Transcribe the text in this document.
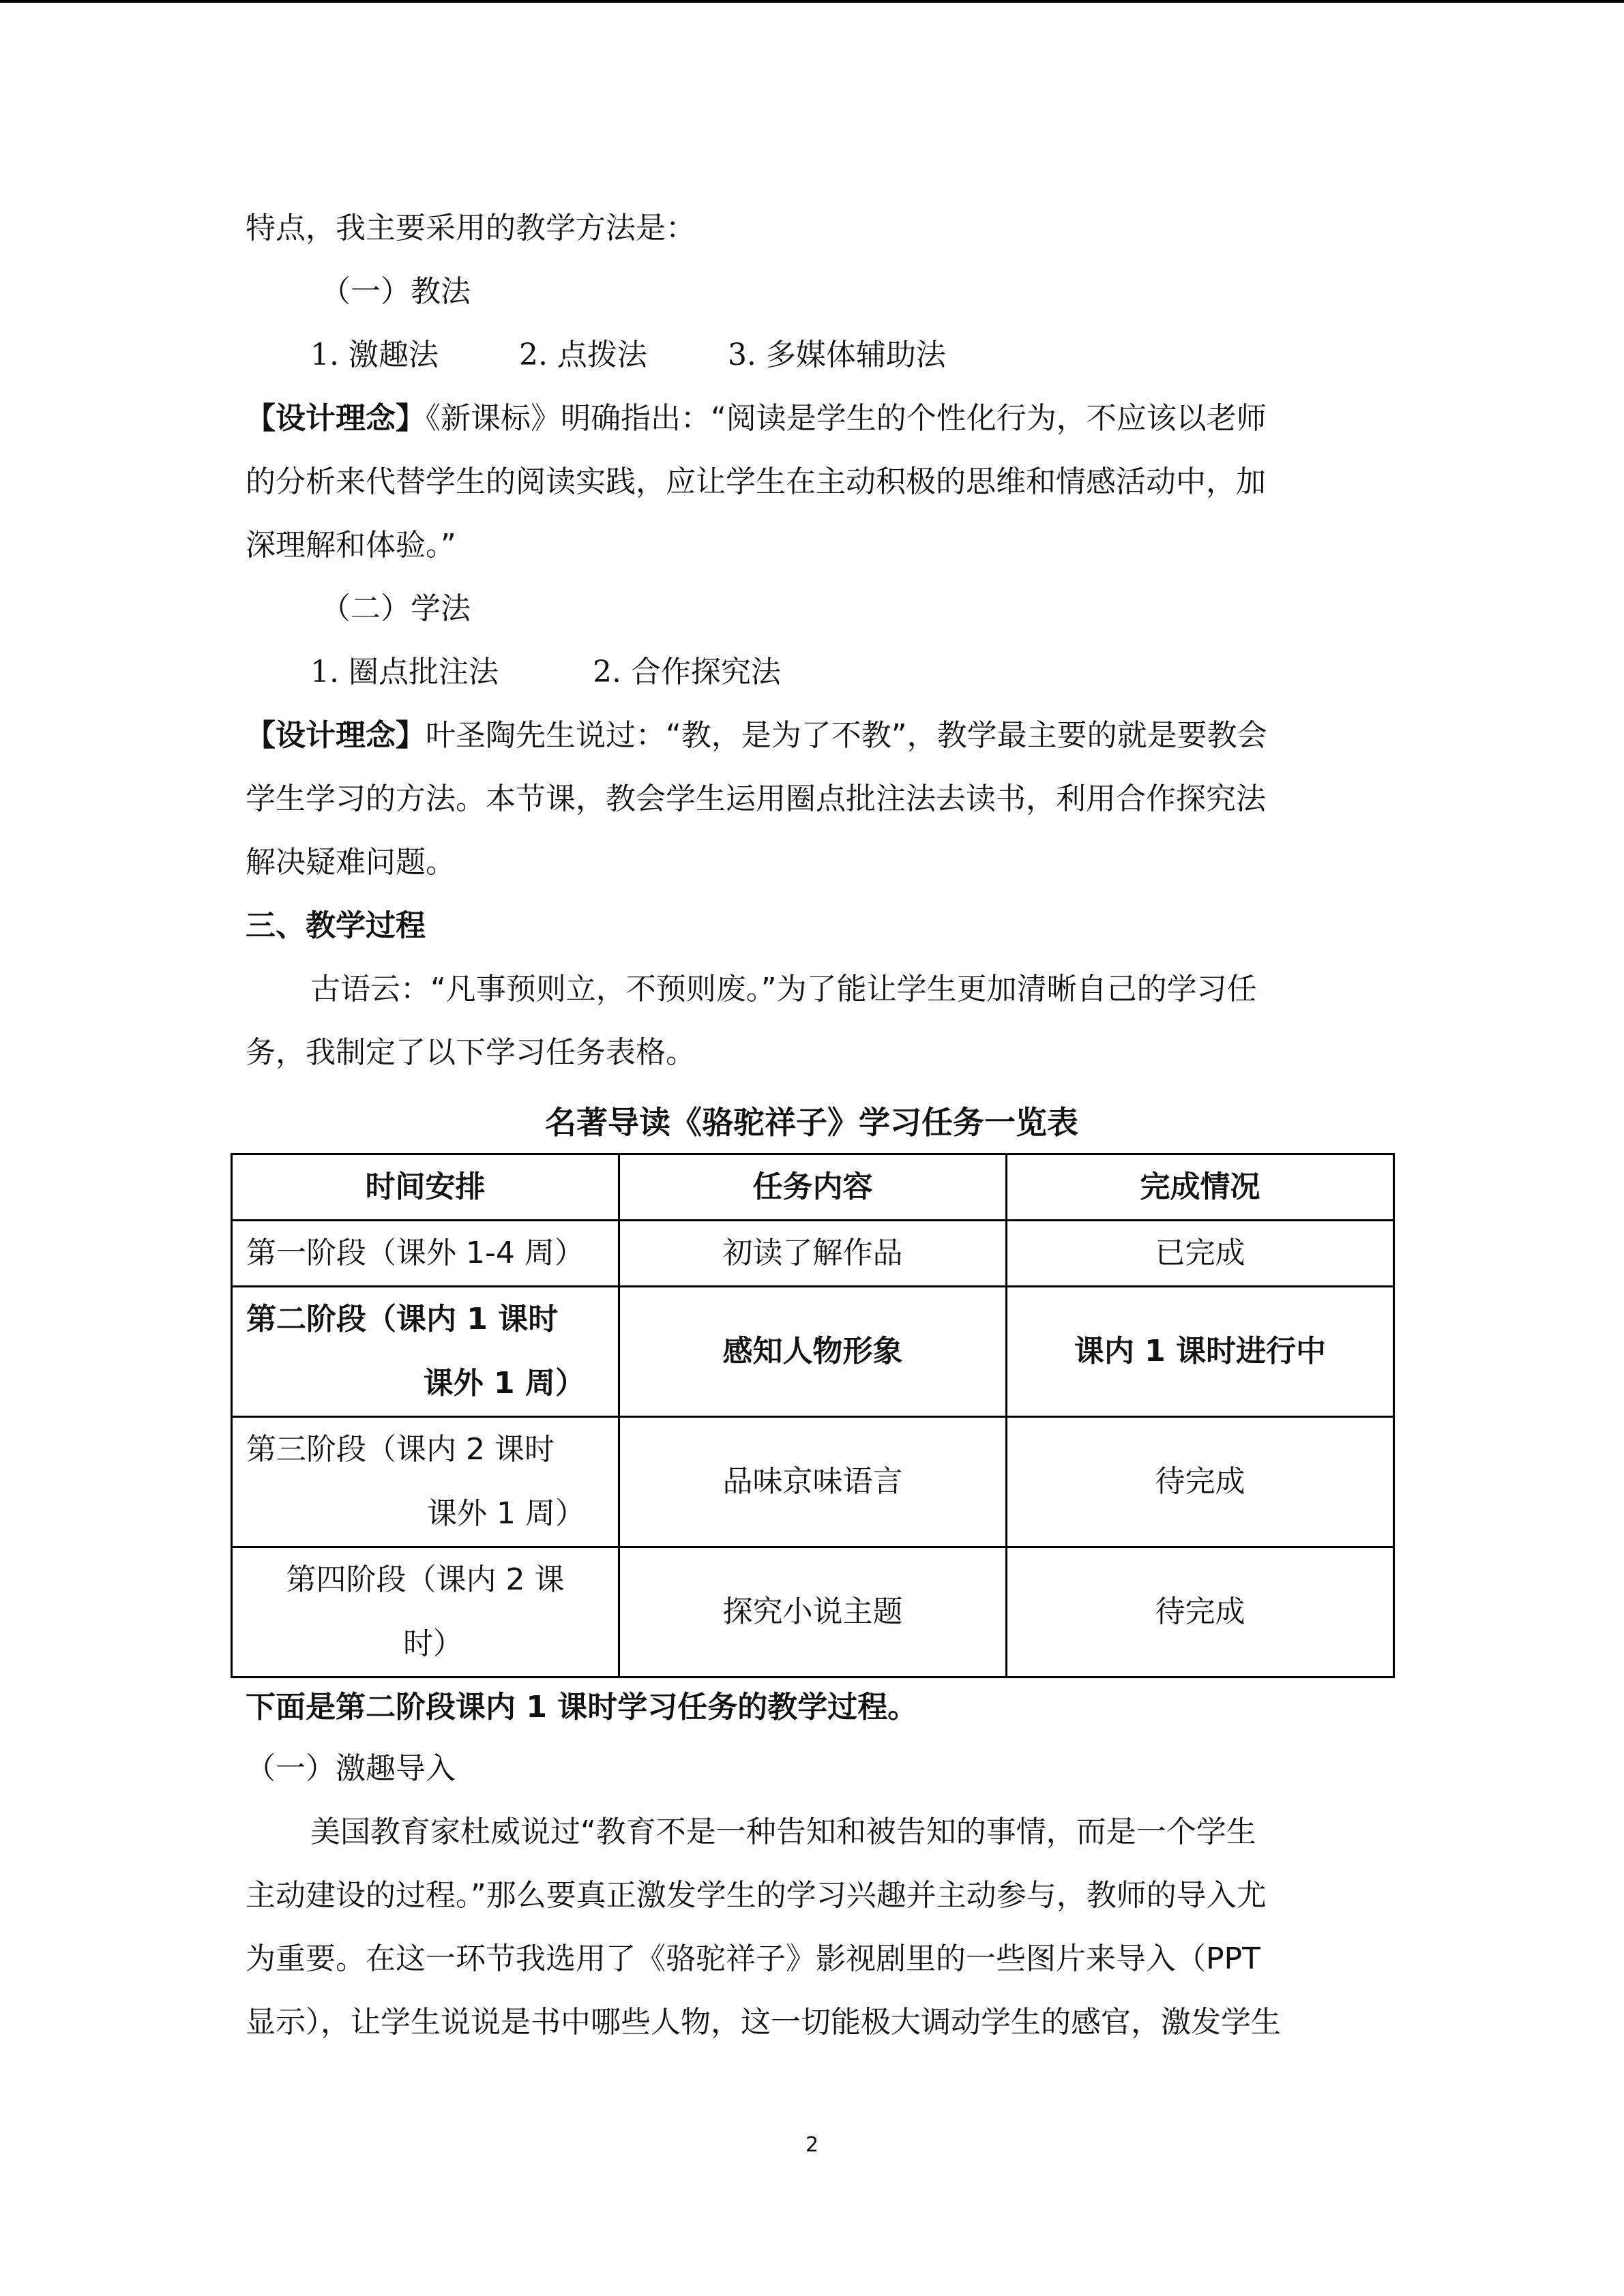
特点，我主要采用的教学方法是：
（一）教法
1. 激趣法	2. 点拨法	3. 多媒体辅助法
【设计理念】《新课标》明确指出：“阅读是学生的个性化行为，不应该以老师
的分析来代替学生的阅读实践，应让学生在主动积极的思维和情感活动中，加
深理解和体验。”
（二）学法
1. 圈点批注法	2. 合作探究法
【设计理念】叶圣陶先生说过：“教，是为了不教”，教学最主要的就是要教会
学生学习的方法。本节课，教会学生运用圈点批注法去读书，利用合作探究法
解决疑难问题。
三、教学过程
古语云：“凡事预则立，不预则废。”为了能让学生更加清晰自己的学习任
务，我制定了以下学习任务表格。
名著导读《骆驼祥子》学习任务一览表
时间安排	任务内容	完成情况
第一阶段（课外 1-4 周）	初读了解作品	已完成

第二阶段（课内 1 课时
课外 1 周）	感知人物形象	课内 1 课时进行中

第三阶段（课内 2 课时
课外 1 周）	品味京味语言	待完成

第四阶段（课内 2 课
时）	探究小说主题	待完成
下面是第二阶段课内 1 课时学习任务的教学过程。
（一）激趣导入
美国教育家杜威说过“教育不是一种告知和被告知的事情，而是一个学生
主动建设的过程。”那么要真正激发学生的学习兴趣并主动参与，教师的导入尤
为重要。在这一环节我选用了《骆驼祥子》影视剧里的一些图片来导入（PPT
显示），让学生说说是书中哪些人物，这一切能极大调动学生的感官，激发学生
2
